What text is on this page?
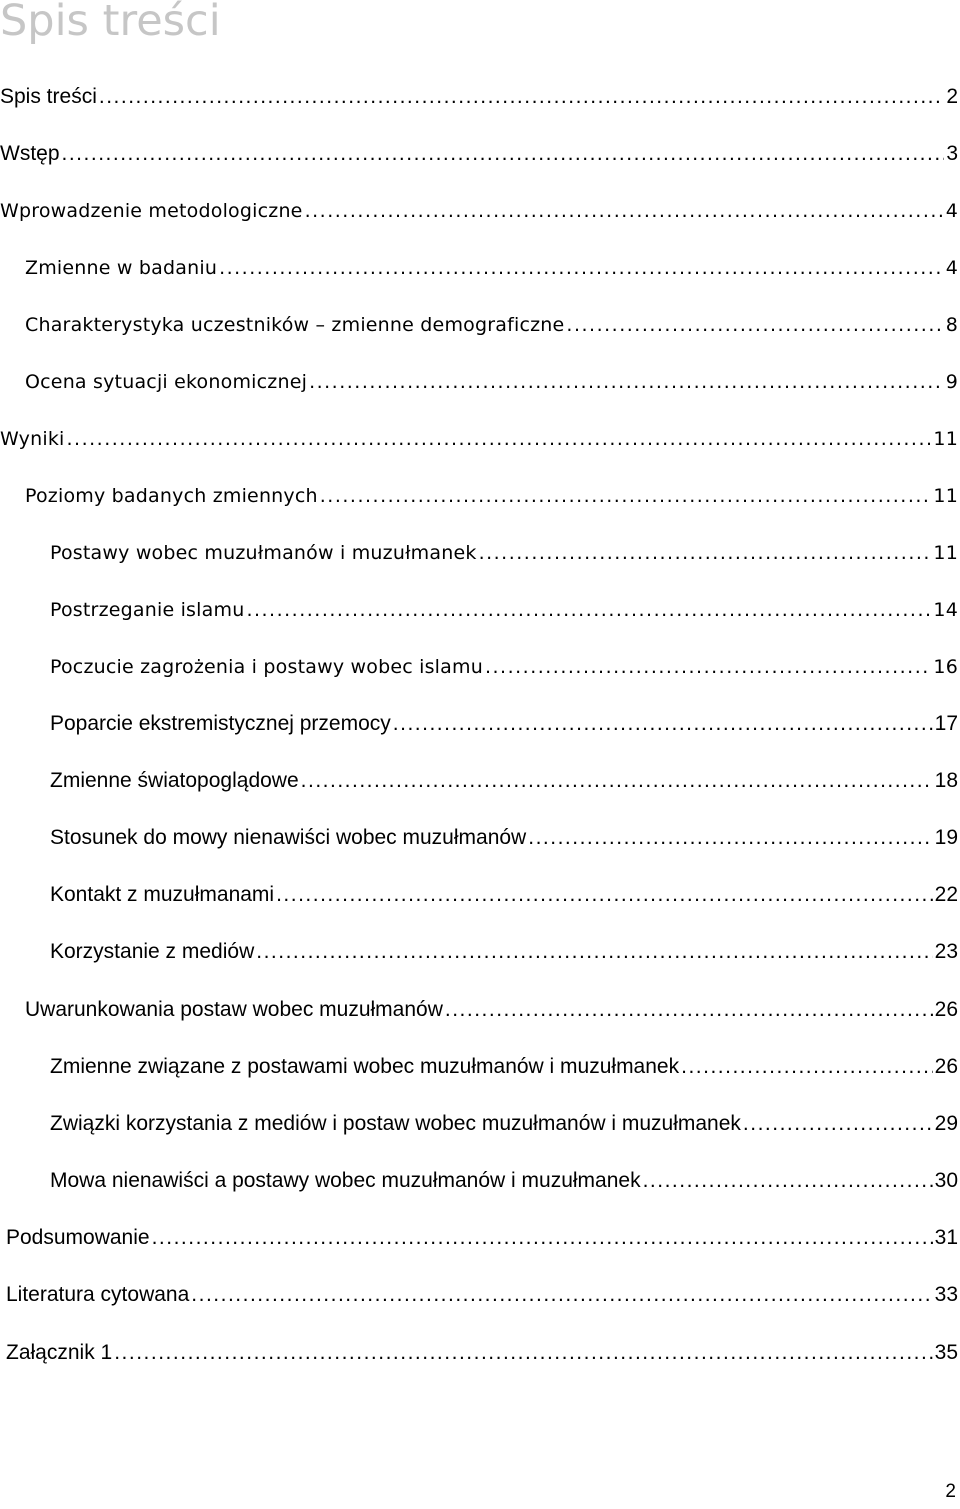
Spis treści
Spis treści .....	2
Wstęp .....	3
Wprowadzenie metodologiczne .....	4
Zmienne w badaniu .....	4
Charakterystyka uczestników – zmienne demograficzne .....	8
Ocena sytuacji ekonomicznej .....	9
Wyniki .....	11
Poziomy badanych zmiennych .....	11
Postawy wobec muzułmanów i muzułmanek .....	11
Postrzeganie islamu .....	14
Poczucie zagrożenia i postawy wobec islamu .....	16
Poparcie ekstremistycznej przemocy .....	17
Zmienne światopoglądowe .....	18
Stosunek do mowy nienawiści wobec muzułmanów .....	19
Kontakt z muzułmanami .....	22
Korzystanie z mediów .....	23
Uwarunkowania postaw wobec muzułmanów .....	26
Zmienne związane z postawami wobec muzułmanów i muzułmanek .....	26
Związki korzystania z mediów i postaw wobec muzułmanów i muzułmanek .....	29
Mowa nienawiści a postawy wobec muzułmanów i muzułmanek .....	30
Podsumowanie .....	31
Literatura cytowana .....	33
Załącznik 1 .....	35
2
